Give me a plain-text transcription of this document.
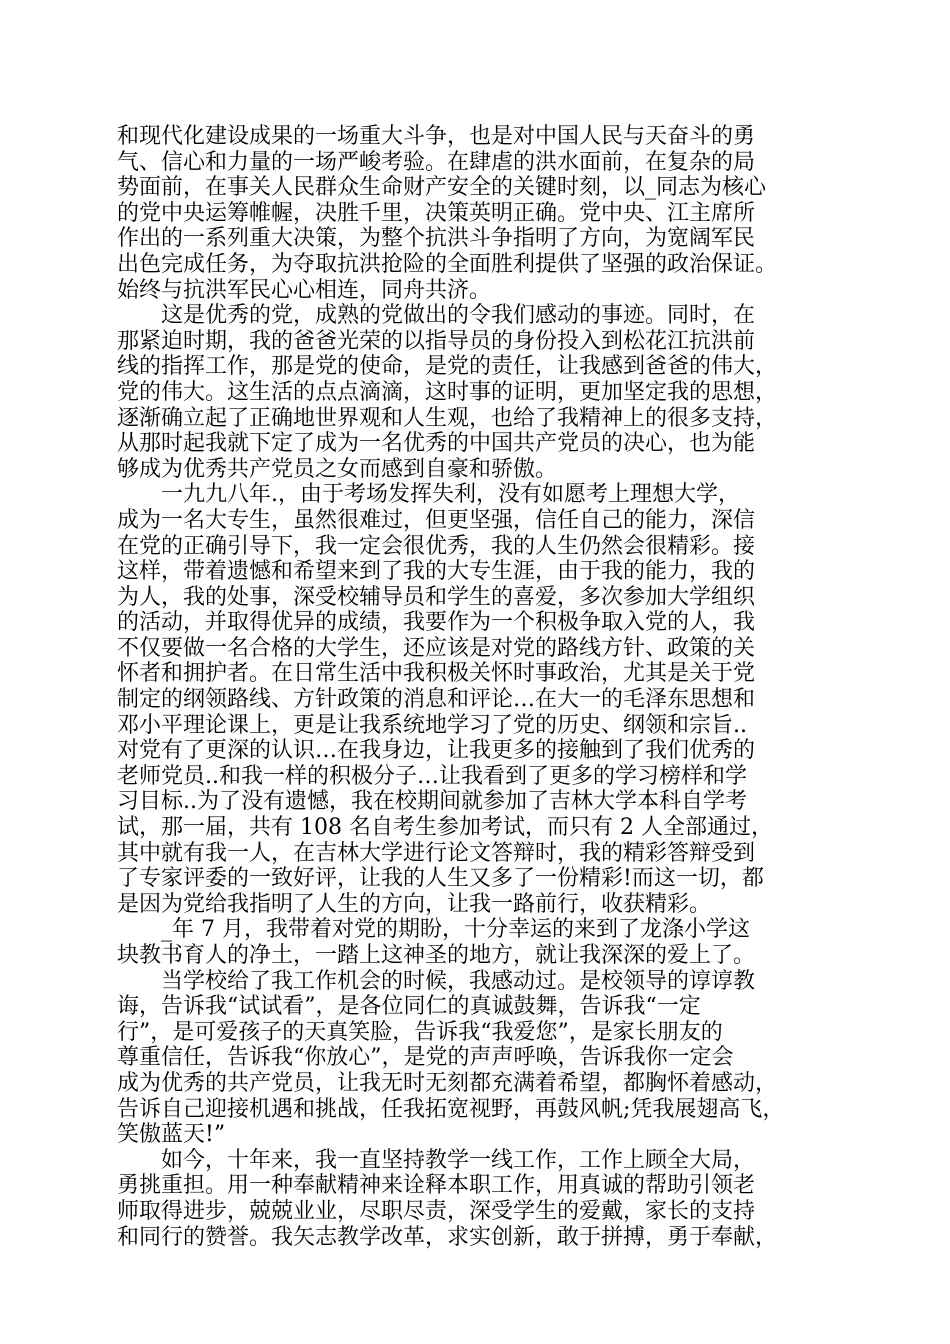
和现代化建设成果的一场重大斗争，也是对中国人民与天奋斗的勇
气、信心和力量的一场严峻考验。在肆虐的洪水面前，在复杂的局
势面前，在事关人民群众生命财产安全的关键时刻，以_同志为核心
的党中央运筹帷幄，决胜千里，决策英明正确。党中央、江主席所
作出的一系列重大决策，为整个抗洪斗争指明了方向，为宽阔军民
出色完成任务，为夺取抗洪抢险的全面胜利提供了坚强的政治保证。
始终与抗洪军民心心相连，同舟共济。
　　这是优秀的党，成熟的党做出的令我们感动的事迹。同时，在
那紧迫时期，我的爸爸光荣的以指导员的身份投入到松花江抗洪前
线的指挥工作，那是党的使命，是党的责任，让我感到爸爸的伟大，
党的伟大。这生活的点点滴滴，这时事的证明，更加坚定我的思想，
逐渐确立起了正确地世界观和人生观，也给了我精神上的很多支持，
从那时起我就下定了成为一名优秀的中国共产党员的决心，也为能
够成为优秀共产党员之女而感到自豪和骄傲。
　　一九九八年.，由于考场发挥失利，没有如愿考上理想大学，
成为一名大专生，虽然很难过，但更坚强，信任自己的能力，深信
在党的正确引导下，我一定会很优秀，我的人生仍然会很精彩。接
这样，带着遗憾和希望来到了我的大专生涯，由于我的能力，我的
为人，我的处事，深受校辅导员和学生的喜爱，多次参加大学组织
的活动，并取得优异的成绩，我要作为一个积极争取入党的人，我
不仅要做一名合格的大学生，还应该是对党的路线方针、政策的关
怀者和拥护者。在日常生活中我积极关怀时事政治，尤其是关于党
制定的纲领路线、方针政策的消息和评论…在大一的毛泽东思想和
邓小平理论课上，更是让我系统地学习了党的历史、纲领和宗旨..
对党有了更深的认识…在我身边，让我更多的接触到了我们优秀的
老师党员..和我一样的积极分子…让我看到了更多的学习榜样和学
习目标..为了没有遗憾，我在校期间就参加了吉林大学本科自学考
试，那一届，共有 108 名自考生参加考试，而只有 2 人全部通过，
其中就有我一人，在吉林大学进行论文答辩时，我的精彩答辩受到
了专家评委的一致好评，让我的人生又多了一份精彩!而这一切，都
是因为党给我指明了人生的方向，让我一路前行，收获精彩。
　　_年 7 月，我带着对党的期盼，十分幸运的来到了龙涤小学这
块教书育人的净土，一踏上这神圣的地方，就让我深深的爱上了。
　　当学校给了我工作机会的时候，我感动过。是校领导的谆谆教
诲，告诉我“试试看”，是各位同仁的真诚鼓舞，告诉我“一定
行”，是可爱孩子的天真笑脸，告诉我“我爱您”，是家长朋友的
尊重信任，告诉我“你放心”，是党的声声呼唤，告诉我你一定会
成为优秀的共产党员，让我无时无刻都充满着希望，都胸怀着感动，
告诉自己迎接机遇和挑战，任我拓宽视野，再鼓风帆;凭我展翅高飞，
笑傲蓝天!”
　　如今，十年来，我一直坚持教学一线工作，工作上顾全大局，
勇挑重担。用一种奉献精神来诠释本职工作，用真诚的帮助引领老
师取得进步，兢兢业业，尽职尽责，深受学生的爱戴，家长的支持
和同行的赞誉。我矢志教学改革，求实创新，敢于拼搏，勇于奉献，
